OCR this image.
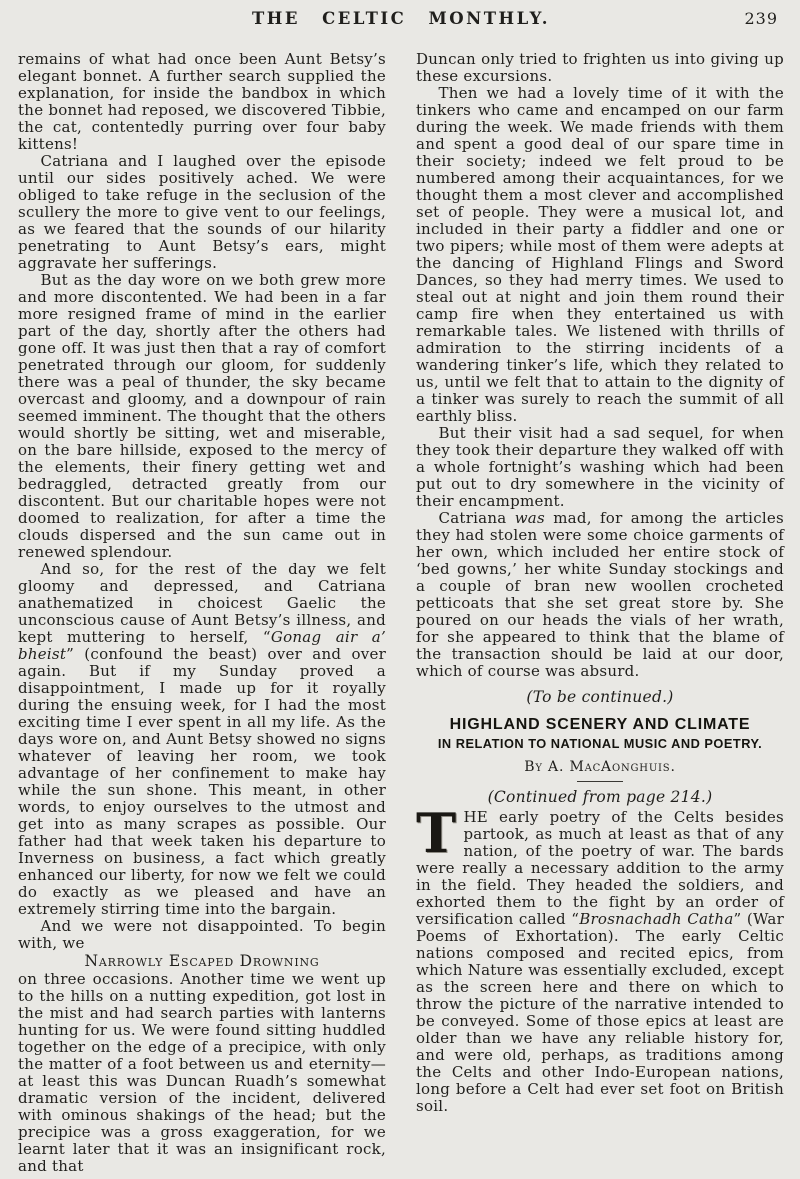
THE CELTIC MONTHLY.	239

remains of what had once been Aunt Betsy’s elegant bonnet. A further search supplied the explanation, for inside the bandbox in which the bonnet had reposed, we discovered Tibbie, the cat, contentedly purring over four baby kittens!

Catriana and I laughed over the episode until our sides positively ached. We were obliged to take refuge in the seclusion of the scullery the more to give vent to our feelings, as we feared that the sounds of our hilarity penetrating to Aunt Betsy’s ears, might aggravate her sufferings.

But as the day wore on we both grew more and more discontented. We had been in a far more resigned frame of mind in the earlier part of the day, shortly after the others had gone off. It was just then that a ray of comfort penetrated through our gloom, for suddenly there was a peal of thunder, the sky became overcast and gloomy, and a downpour of rain seemed imminent. The thought that the others would shortly be sitting, wet and miserable, on the bare hillside, exposed to the mercy of the elements, their finery getting wet and bedraggled, detracted greatly from our discontent. But our charitable hopes were not doomed to realization, for after a time the clouds dispersed and the sun came out in renewed splendour.

And so, for the rest of the day we felt gloomy and depressed, and Catriana anathematized in choicest Gaelic the unconscious cause of Aunt Betsy’s illness, and kept muttering to herself, “Gonag air a’ bheist” (confound the beast) over and over again. But if my Sunday proved a disappointment, I made up for it royally during the ensuing week, for I had the most exciting time I ever spent in all my life. As the days wore on, and Aunt Betsy showed no signs whatever of leaving her room, we took advantage of her confinement to make hay while the sun shone. This meant, in other words, to enjoy ourselves to the utmost and get into as many scrapes as possible. Our father had that week taken his departure to Inverness on business, a fact which greatly enhanced our liberty, for now we felt we could do exactly as we pleased and have an extremely stirring time into the bargain.

And we were not disappointed. To begin with, we

Narrowly Escaped Drowning

on three occasions. Another time we went up to the hills on a nutting expedition, got lost in the mist and had search parties with lanterns hunting for us. We were found sitting huddled together on the edge of a precipice, with only the matter of a foot between us and eternity—at least this was Duncan Ruadh’s somewhat dramatic version of the incident, delivered with ominous shakings of the head; but the precipice was a gross exaggeration, for we learnt later that it was an insignificant rock, and that

Duncan only tried to frighten us into giving up these excursions.

Then we had a lovely time of it with the tinkers who came and encamped on our farm during the week. We made friends with them and spent a good deal of our spare time in their society; indeed we felt proud to be numbered among their acquaintances, for we thought them a most clever and accomplished set of people. They were a musical lot, and included in their party a fiddler and one or two pipers; while most of them were adepts at the dancing of Highland Flings and Sword Dances, so they had merry times. We used to steal out at night and join them round their camp fire when they entertained us with remarkable tales. We listened with thrills of admiration to the stirring incidents of a wandering tinker’s life, which they related to us, until we felt that to attain to the dignity of a tinker was surely to reach the summit of all earthly bliss.

But their visit had a sad sequel, for when they took their departure they walked off with a whole fortnight’s washing which had been put out to dry somewhere in the vicinity of their encampment.

Catriana was mad, for among the articles they had stolen were some choice garments of her own, which included her entire stock of ‘bed gowns,’ her white Sunday stockings and a couple of bran new woollen crocheted petticoats that she set great store by. She poured on our heads the vials of her wrath, for she appeared to think that the blame of the transaction should be laid at our door, which of course was absurd.

(To be continued.)

HIGHLAND SCENERY AND CLIMATE
IN RELATION TO NATIONAL MUSIC AND POETRY.
By A. MacAonghuis.
(Continued from page 214.)

THE early poetry of the Celts besides partook, as much at least as that of any nation, of the poetry of war. The bards were really a necessary addition to the army in the field. They headed the soldiers, and exhorted them to the fight by an order of versification called “Brosnachadh Catha” (War Poems of Exhortation). The early Celtic nations composed and recited epics, from which Nature was essentially excluded, except as the screen here and there on which to throw the picture of the narrative intended to be conveyed. Some of those epics at least are older than we have any reliable history for, and were old, perhaps, as traditions among the Celts and other Indo-European nations, long before a Celt had ever set foot on British soil.
